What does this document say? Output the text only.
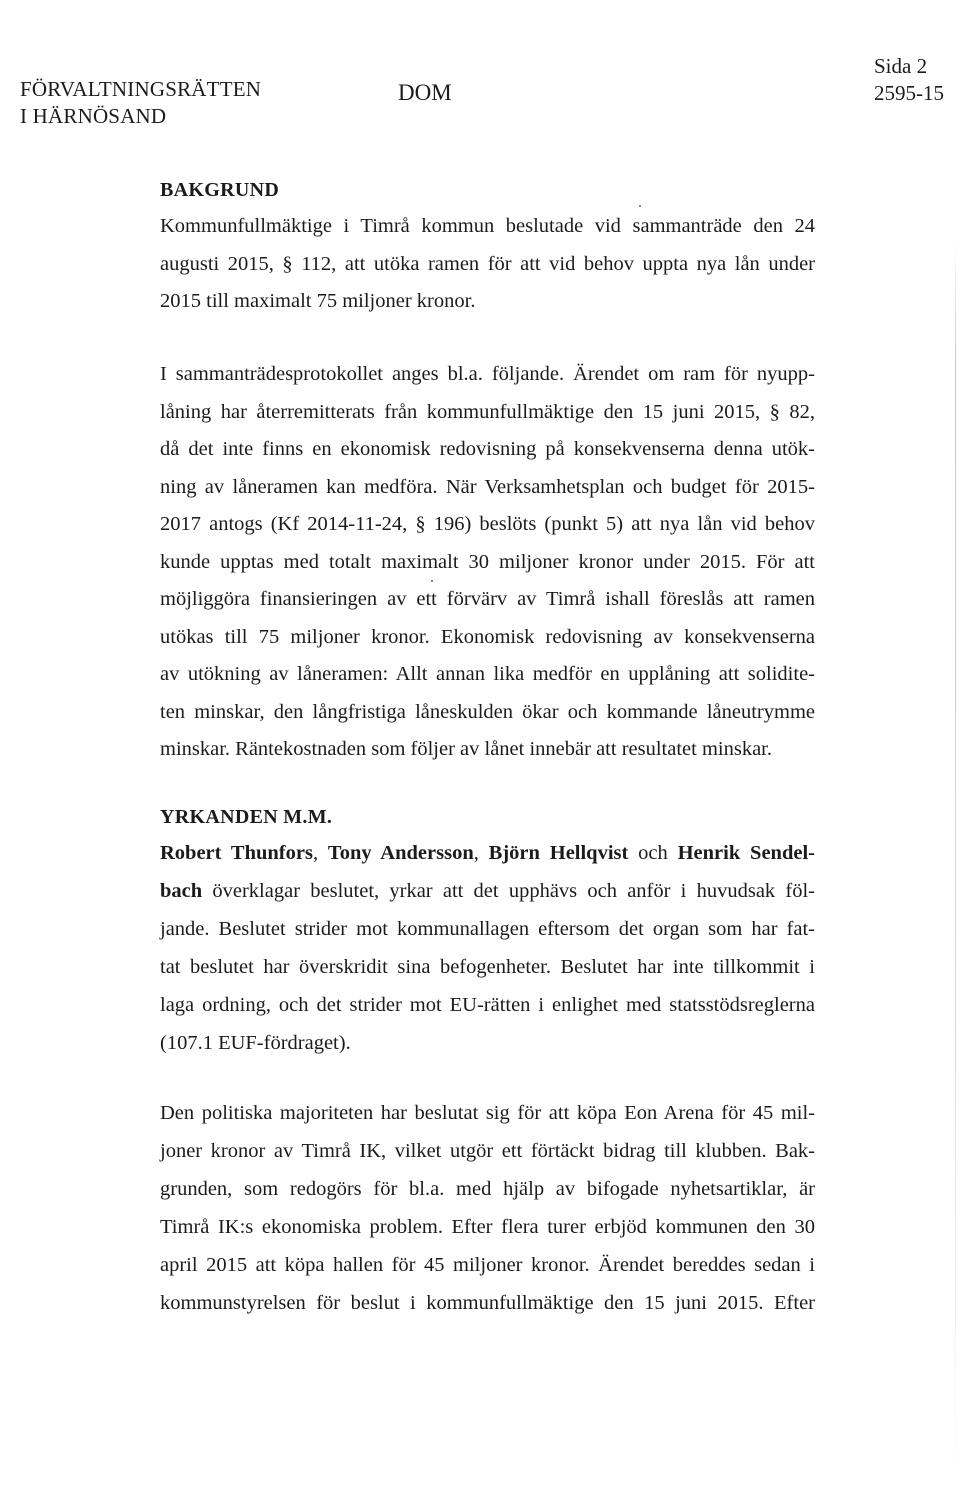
FÖRVALTNINGSRÄTTEN
I HÄRNÖSAND
DOM
Sida 2
2595-15
BAKGRUND
Kommunfullmäktige i Timrå kommun beslutade vid sammanträde den 24
augusti 2015, § 112, att utöka ramen för att vid behov uppta nya lån under
2015 till maximalt 75 miljoner kronor.
I sammanträdesprotokollet anges bl.a. följande. Ärendet om ram för nyupp-
låning har återremitterats från kommunfullmäktige den 15 juni 2015, § 82,
då det inte finns en ekonomisk redovisning på konsekvenserna denna utök-
ning av låneramen kan medföra. När Verksamhetsplan och budget för 2015-
2017 antogs (Kf 2014-11-24, § 196) beslöts (punkt 5) att nya lån vid behov
kunde upptas med totalt maximalt 30 miljoner kronor under 2015. För att
möjliggöra finansieringen av ett förvärv av Timrå ishall föreslås att ramen
utökas till 75 miljoner kronor. Ekonomisk redovisning av konsekvenserna
av utökning av låneramen: Allt annan lika medför en upplåning att solidite-
ten minskar, den långfristiga låneskulden ökar och kommande låneutrymme
minskar. Räntekostnaden som följer av lånet innebär att resultatet minskar.
YRKANDEN M.M.
Robert Thunfors, Tony Andersson, Björn Hellqvist och Henrik Sendel-
bach överklagar beslutet, yrkar att det upphävs och anför i huvudsak föl-
jande. Beslutet strider mot kommunallagen eftersom det organ som har fat-
tat beslutet har överskridit sina befogenheter. Beslutet har inte tillkommit i
laga ordning, och det strider mot EU-rätten i enlighet med statsstödsreglerna
(107.1 EUF-fördraget).
Den politiska majoriteten har beslutat sig för att köpa Eon Arena för 45 mil-
joner kronor av Timrå IK, vilket utgör ett förtäckt bidrag till klubben. Bak-
grunden, som redogörs för bl.a. med hjälp av bifogade nyhetsartiklar, är
Timrå IK:s ekonomiska problem. Efter flera turer erbjöd kommunen den 30
april 2015 att köpa hallen för 45 miljoner kronor. Ärendet bereddes sedan i
kommunstyrelsen för beslut i kommunfullmäktige den 15 juni 2015. Efter
